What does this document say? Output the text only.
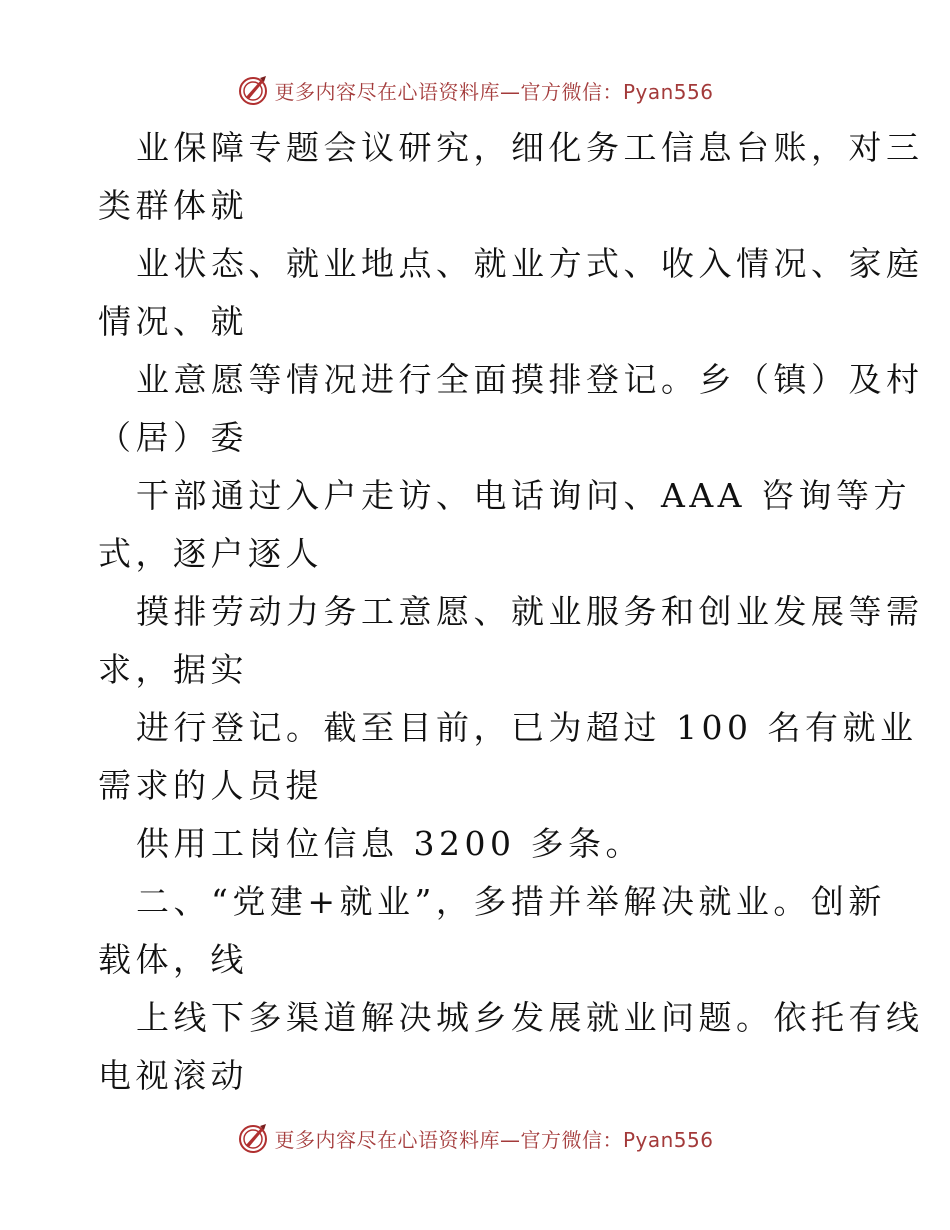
更多内容尽在心语资料库—官方微信：Pyan556
业保障专题会议研究，细化务工信息台账，对三
类群体就
业状态、就业地点、就业方式、收入情况、家庭
情况、就
业意愿等情况进行全面摸排登记。乡（镇）及村
（居）委
干部通过入户走访、电话询问、AAA 咨询等方
式，逐户逐人
摸排劳动力务工意愿、就业服务和创业发展等需
求，据实
进行登记。截至目前，已为超过 100 名有就业
需求的人员提
供用工岗位信息 3200 多条。
二、“党建+就业”，多措并举解决就业。创新
载体，线
上线下多渠道解决城乡发展就业问题。依托有线
电视滚动
更多内容尽在心语资料库—官方微信：Pyan556
